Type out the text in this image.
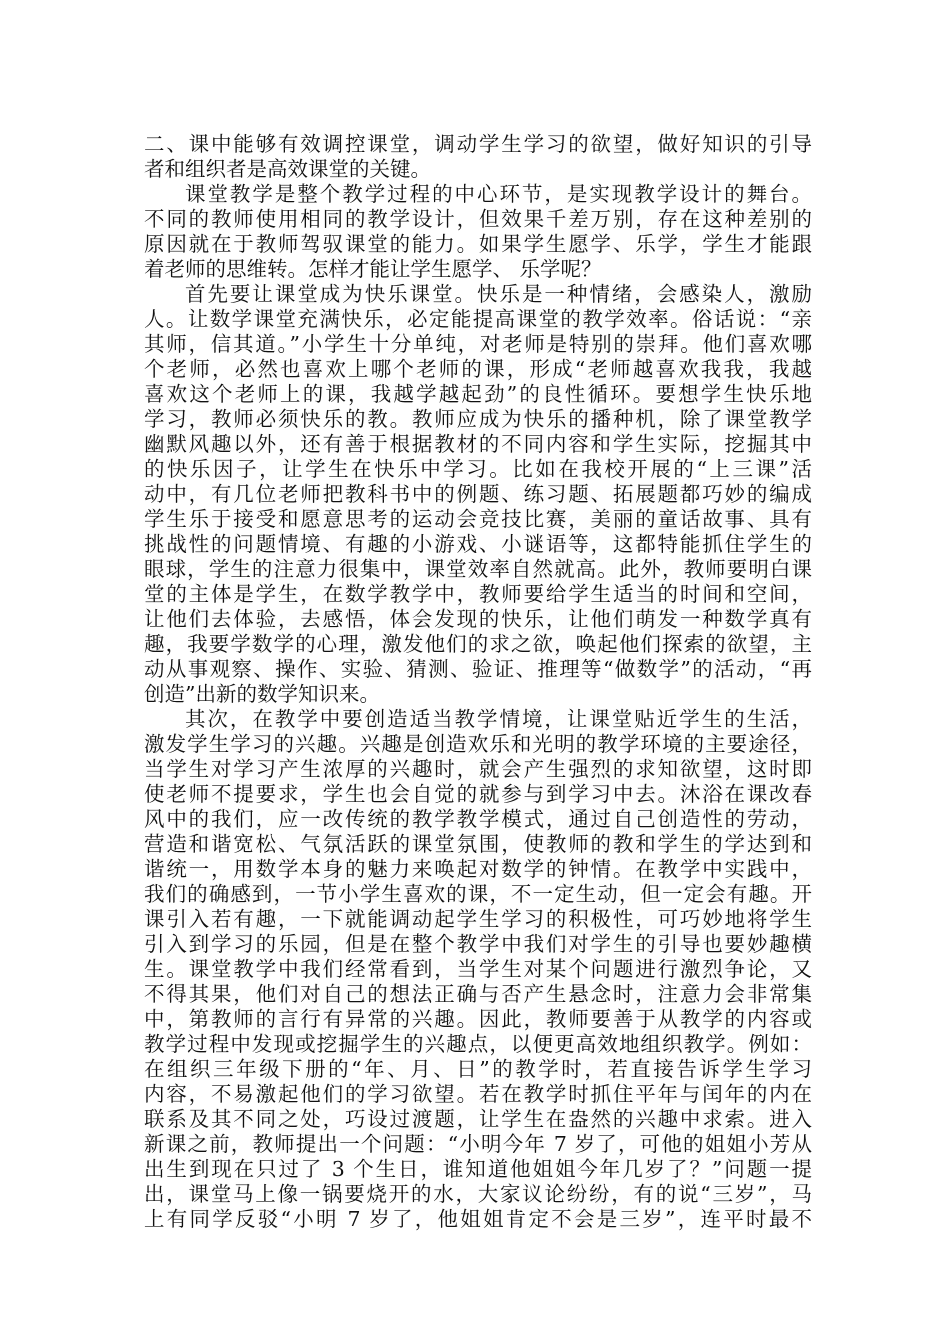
二、课中能够有效调控课堂，调动学生学习的欲望，做好知识的引导
者和组织者是高效课堂的关键。
课堂教学是整个教学过程的中心环节，是实现教学设计的舞台。
不同的教师使用相同的教学设计，但效果千差万别，存在这种差别的
原因就在于教师驾驭课堂的能力。如果学生愿学、乐学，学生才能跟
着老师的思维转。怎样才能让学生愿学、 乐学呢？
首先要让课堂成为快乐课堂。快乐是一种情绪，会感染人，激励
人。让数学课堂充满快乐，必定能提高课堂的教学效率。俗话说：“亲
其师，信其道。”小学生十分单纯，对老师是特别的崇拜。他们喜欢哪
个老师，必然也喜欢上哪个老师的课，形成“老师越喜欢我我，我越
喜欢这个老师上的课，我越学越起劲”的良性循环。要想学生快乐地
学习，教师必须快乐的教。教师应成为快乐的播种机，除了课堂教学
幽默风趣以外，还有善于根据教材的不同内容和学生实际，挖掘其中
的快乐因子，让学生在快乐中学习。比如在我校开展的“上三课”活
动中，有几位老师把教科书中的例题、练习题、拓展题都巧妙的编成
学生乐于接受和愿意思考的运动会竞技比赛，美丽的童话故事、具有
挑战性的问题情境、有趣的小游戏、小谜语等，这都特能抓住学生的
眼球，学生的注意力很集中，课堂效率自然就高。此外，教师要明白课
堂的主体是学生，在数学教学中，教师要给学生适当的时间和空间，
让他们去体验，去感悟，体会发现的快乐，让他们萌发一种数学真有
趣，我要学数学的心理，激发他们的求之欲，唤起他们探索的欲望，主
动从事观察、操作、实验、猜测、验证、推理等“做数学”的活动，“再
创造”出新的数学知识来。
其次，在教学中要创造适当教学情境，让课堂贴近学生的生活，
激发学生学习的兴趣。兴趣是创造欢乐和光明的教学环境的主要途径，
当学生对学习产生浓厚的兴趣时，就会产生强烈的求知欲望，这时即
使老师不提要求，学生也会自觉的就参与到学习中去。沐浴在课改春
风中的我们，应一改传统的教学教学模式，通过自己创造性的劳动，
营造和谐宽松、气氛活跃的课堂氛围，使教师的教和学生的学达到和
谐统一，用数学本身的魅力来唤起对数学的钟情。在教学中实践中，
我们的确感到，一节小学生喜欢的课，不一定生动，但一定会有趣。开
课引入若有趣，一下就能调动起学生学习的积极性，可巧妙地将学生
引入到学习的乐园，但是在整个教学中我们对学生的引导也要妙趣横
生。课堂教学中我们经常看到，当学生对某个问题进行激烈争论，又
不得其果，他们对自己的想法正确与否产生悬念时，注意力会非常集
中，第教师的言行有异常的兴趣。因此，教师要善于从教学的内容或
教学过程中发现或挖掘学生的兴趣点，以便更高效地组织教学。例如：
在组织三年级下册的“年、月、日”的教学时，若直接告诉学生学习
内容，不易激起他们的学习欲望。若在教学时抓住平年与闰年的内在
联系及其不同之处，巧设过渡题，让学生在盎然的兴趣中求索。进入
新课之前，教师提出一个问题：“小明今年 7 岁了，可他的姐姐小芳从
出生到现在只过了 3 个生日，谁知道他姐姐今年几岁了？”问题一提
出，课堂马上像一锅要烧开的水，大家议论纷纷，有的说“三岁”，马
上有同学反驳“小明 7 岁了，他姐姐肯定不会是三岁”，连平时最不
